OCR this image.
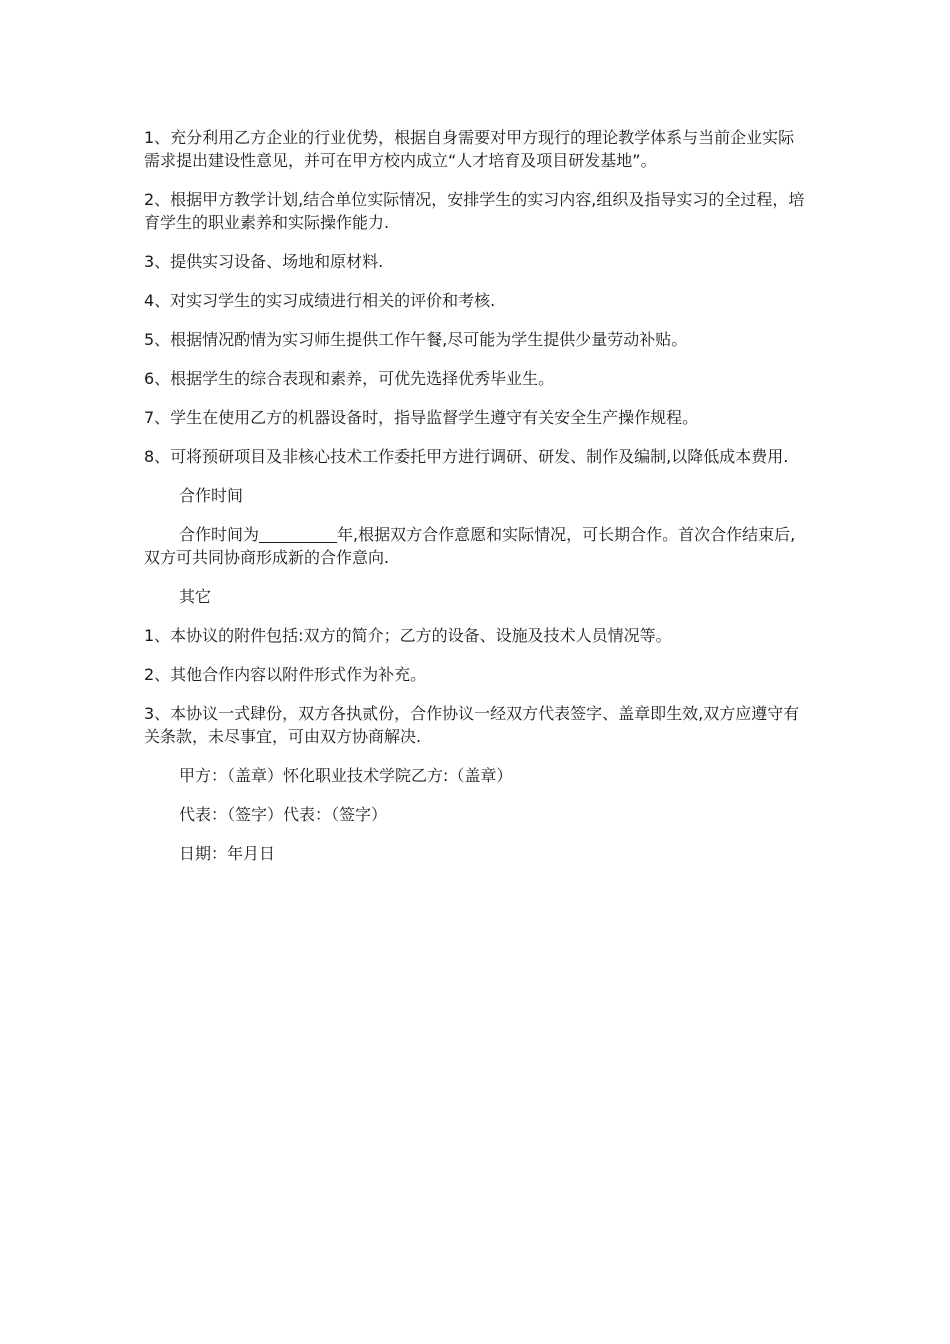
1、充分利用乙方企业的行业优势，根据自身需要对甲方现行的理论教学体系与当前企业实际需求提出建设性意见，并可在甲方校内成立“人才培育及项目研发基地”。

2、根据甲方教学计划,结合单位实际情况，安排学生的实习内容,组织及指导实习的全过程，培育学生的职业素养和实际操作能力.

3、提供实习设备、场地和原材料.

4、对实习学生的实习成绩进行相关的评价和考核.

5、根据情况酌情为实习师生提供工作午餐,尽可能为学生提供少量劳动补贴。

6、根据学生的综合表现和素养，可优先选择优秀毕业生。

7、学生在使用乙方的机器设备时，指导监督学生遵守有关安全生产操作规程。

8、可将预研项目及非核心技术工作委托甲方进行调研、研发、制作及编制,以降低成本费用.

合作时间

合作时间为	年,根据双方合作意愿和实际情况，可长期合作。首次合作结束后,双方可共同协商形成新的合作意向.

其它

1、本协议的附件包括:双方的简介；乙方的设备、设施及技术人员情况等。

2、其他合作内容以附件形式作为补充。

3、本协议一式肆份，双方各执贰份，合作协议一经双方代表签字、盖章即生效,双方应遵守有关条款，未尽事宜，可由双方协商解决.

甲方：（盖章）怀化职业技术学院乙方:（盖章）

代表：（签字）代表：（签字）

日期：年月日
